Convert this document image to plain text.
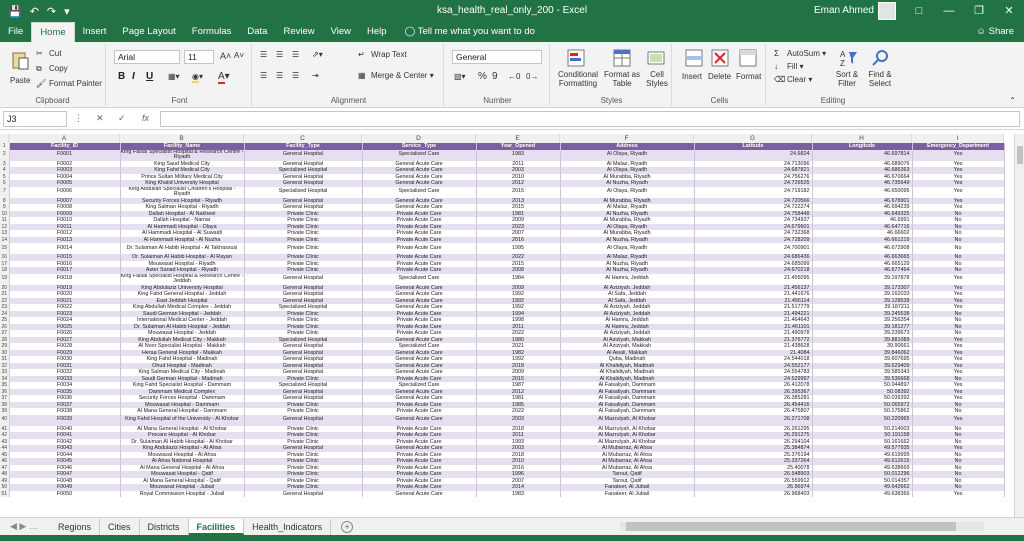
💾 ↶ ↷ ▾	ksa_health_real_only_200 - Excel	Eman Ahmed	□	—	❐	✕
File	Home	Insert	Page Layout	Formulas	Data	Review	View	Help	◯ Tell me what you want to do	☺ Share
Paste
✂ Cut
⧉ Copy
🖌 Format Painter
Clipboard
Arial	11	A˄ A˅
B I U ▦▾ ◉▾ A▾
Font
☰ ☰ ☰ ⇗▾
☰ ☰ ☰ ⇥
↵ Wrap Text
▦ Merge & Center ▾
Alignment
General
▧▾ % 9 ←0 0→
Number
Conditional Formatting
Format as Table
Cell Styles
Styles
Insert Delete Format
Cells
Σ AutoSum ▾
↓ Fill ▾
⌫ Clear ▾
A
Z
Sort & Filter
Find & Select
Editing	⌃
J3	⋮ ✕ ✓ fx
A	B	C	D	E	F	G	H	I
1	Facility_ID	Facility_Name	Facility_Type	Service_Type	Year_Opened	Address	Latitude	Longitude	Emergency_Department
2	F0001	King Faisal Specialist Hospital & Research Centre - Riyadh	General Hospital	Specialized Care	1983	Al Olaya, Riyadh	24.6824	46.697814	Yes
3	F0002	King Saud Medical City	General Hospital	General Acute Care	2011	Al Malaz, Riyadh	24.713096	46.689076	Yes
4	F0003	King Fahd Medical City	Specialized Hospital	General Acute Care	2003	Al Olaya, Riyadh	24.687821	46.686363	Yes
5	F0004	Prince Sultan Military Medical City	General Hospital	General Acute Care	2010	Al Murabba, Riyadh	24.756276	46.670664	Yes
6	F0005	King Khalid University Hospital	General Hospital	General Acute Care	2012	Al Nuzha, Riyadh	24.726525	46.735649	Yes
7	F0006	King Abdullah Specialist Children's Hospital - Riyadh	Specialized Hospital	Specialized Care	2015	Al Olaya, Riyadh	24.719182	46.650095	Yes
8	F0007	Security Forces Hospital - Riyadh	General Hospital	General Acute Care	2013	Al Murabba, Riyadh	24.720566	46.678901	Yes
9	F0008	King Salman Hospital - Riyadh	General Hospital	General Acute Care	2015	Al Malaz, Riyadh	24.722274	46.694239	Yes
10	F0009	Dallah Hospital - Al Nakheel	Private Clinic	Private Acute Care	1981	Al Nuzha, Riyadh	24.758448	46.649325	No
11	F0010	Dallah Hospital - Namar	Private Clinic	Private Acute Care	2009	Al Murabba, Riyadh	24.734937	46.6991	No
12	F0011	Al Hammadi Hospital - Olaya	Private Clinic	Private Acute Care	2023	Al Olaya, Riyadh	24.679601	46.647716	No
13	F0012	Al Hammadi Hospital - Al Suwaidi	Private Clinic	Private Acute Care	2007	Al Murabba, Riyadh	24.732368	46.66602	No
14	F0013	Al Hammadi Hospital - Al Nuzha	Private Clinic	Private Acute Care	2016	Al Nuzha, Riyadh	24.728209	46.661219	No
15	F0014	Dr. Sulaiman Al Habib Hospital - Al Takhassusi	Private Clinic	Private Acute Care	1995	Al Olaya, Riyadh	24.700901	46.672908	No
16	F0015	Dr. Sulaiman Al Habib Hospital - Al Rayan	Private Clinic	Private Acute Care	2022	Al Malaz, Riyadh	24.686436	46.663665	No
17	F0016	Mouwasat Hospital - Riyadh	Private Clinic	Private Acute Care	2015	Al Nuzha, Riyadh	24.685099	46.665129	No
18	F0017	Aster Sanad Hospital - Riyadh	Private Clinic	Private Acute Care	2008	Al Nuzha, Riyadh	24.670218	46.677464	No
19	F0018	King Faisal Specialist Hospital & Research Centre - Jeddah	General Hospital	Specialized Care	1984	Al Hamra, Jeddah	21.455095	39.197878	Yes
20	F0019	King Abdulaziz University Hospital	General Hospital	General Acute Care	2009	Al Aziziyah, Jeddah	21.456137	39.173307	Yes
21	F0020	King Fahd General Hospital - Jeddah	General Hospital	General Acute Care	1992	Al Safa, Jeddah	21.441676	39.162033	Yes
22	F0021	East Jeddah Hospital	General Hospital	General Acute Care	1992	Al Safa, Jeddah	21.456114	39.128539	Yes
23	F0022	King Abdullah Medical Complex - Jeddah	Specialized Hospital	General Acute Care	1992	Al Aziziyah, Jeddah	21.517779	39.187211	Yes
24	F0023	Saudi German Hospital - Jeddah	Private Clinic	Private Acute Care	1994	Al Aziziyah, Jeddah	21.494221	39.245538	No
25	F0024	International Medical Center - Jeddah	Private Clinic	Private Acute Care	1998	Al Hamra, Jeddah	21.464643	39.256354	No
26	F0025	Dr. Sulaiman Al Habib Hospital - Jeddah	Private Clinic	Private Acute Care	2011	Al Hamra, Jeddah	21.461101	39.181277	No
27	F0026	Mouwasat Hospital - Jeddah	Private Clinic	Private Acute Care	2022	Al Aziziyah, Jeddah	21.490978	39.239673	No
28	F0027	King Abdullah Medical City - Makkah	Specialized Hospital	General Acute Care	1980	Al Aziziyah, Makkah	21.376772	39.881089	Yes
29	F0028	Al Noor Specialist Hospital - Makkah	General Hospital	Specialized Care	2021	Al Aziziyah, Makkah	21.438628	39.90661	Yes
30	F0029	Heraa General Hospital - Makkah	General Hospital	General Acute Care	1982	Al Awali, Makkah	21.4084	39.846062	Yes
31	F0030	King Fahd Hospital - Madinah	General Hospital	General Acute Care	1992	Quba, Madinah	24.544018	39.607695	Yes
32	F0031	Ohud Hospital - Madinah	General Hospital	General Acute Care	2018	Al Khalidiyah, Madinah	24.552177	39.629409	Yes
33	F0032	King Salman Medical City - Madinah	General Hospital	General Acute Care	2009	Al Khalidiyah, Madinah	24.554783	39.585343	Yes
34	F0033	Saudi German Hospital - Madinah	Private Clinic	Private Acute Care	2015	Al Khalidiyah, Madinah	24.529997	39.536668	No
35	F0034	King Fahd Specialist Hospital - Dammam	Specialized Hospital	Specialized Care	1987	Al Faisaliyah, Dammam	26.412078	50.044897	Yes
36	F0035	Dammam Medical Complex	General Hospital	General Acute Care	2012	Al Faisaliyah, Dammam	26.395367	50.08392	Yes
37	F0036	Security Forces Hospital - Dammam	General Hospital	General Acute Care	1981	Al Faisaliyah, Dammam	26.385281	50.039392	Yes
38	F0037	Mouwasat Hospital - Dammam	Private Clinic	Private Acute Care	1985	Al Faisaliyah, Dammam	26.454416	50.065972	No
39	F0038	Al Mana General Hospital - Dammam	Private Clinic	Private Acute Care	2022	Al Faisaliyah, Dammam	26.475807	50.175862	No
40	F0039	King Fahd Hospital of the University - Al Khobar	General Hospital	General Acute Care	2003	Al Mazrulyah, Al Khobar	26.271708	50.220965	Yes
41	F0040	Al Mana General Hospital - Al Khobar	Private Clinic	Private Acute Care	2018	Al Mazrulyah, Al Khobar	26.261295	50.214003	No
42	F0041	Procare Hospital - Al Khobar	Private Clinic	Private Acute Care	2011	Al Mazrulyah, Al Khobar	26.291275	50.191158	No
43	F0042	Dr. Sulaiman Al Habib Hospital - Al Khobar	Private Clinic	Private Acute Care	1993	Al Mazrulyah, Al Khobar	26.294104	50.161662	No
44	F0043	King Abdulaziz Hospital - Al Ahsa	General Hospital	General Acute Care	2003	Al Mubarraz, Al Ahsa	25.384874	49.577935	Yes
45	F0044	Mouwasat Hospital - Al Ahsa	Private Clinic	Private Acute Care	2018	Al Mubarraz, Al Ahsa	25.376194	49.619995	No
46	F0045	Al Ahsa National Hospital	Private Clinic	Private Acute Care	2010	Al Mubarraz, Al Ahsa	25.337264	49.612615	No
47	F0046	Al Mana General Hospital - Al Ahsa	Private Clinic	Private Acute Care	2016	Al Mubarraz, Al Ahsa	25.40078	49.638669	No
48	F0047	Mouwasat Hospital - Qatif	Private Clinic	Private Acute Care	1996	Tarout, Qatif	26.548903	50.012296	No
49	F0048	Al Mana General Hospital - Qatif	Private Clinic	Private Acute Care	2007	Tarout, Qatif	26.559912	50.014357	No
50	F0049	Mouwasat Hospital - Jubail	Private Clinic	Private Acute Care	2014	Fanateer, Al Jubail	26.96974	49.642662	No
51	F0050	Royal Commission Hospital - Jubail	General Hospital	General Acute Care	1983	Fanateer, Al Jubail	26.968403	49.638366	Yes
◀ ▶ …	Regions	Cities	Districts	Facilities	Health_Indicators	+
